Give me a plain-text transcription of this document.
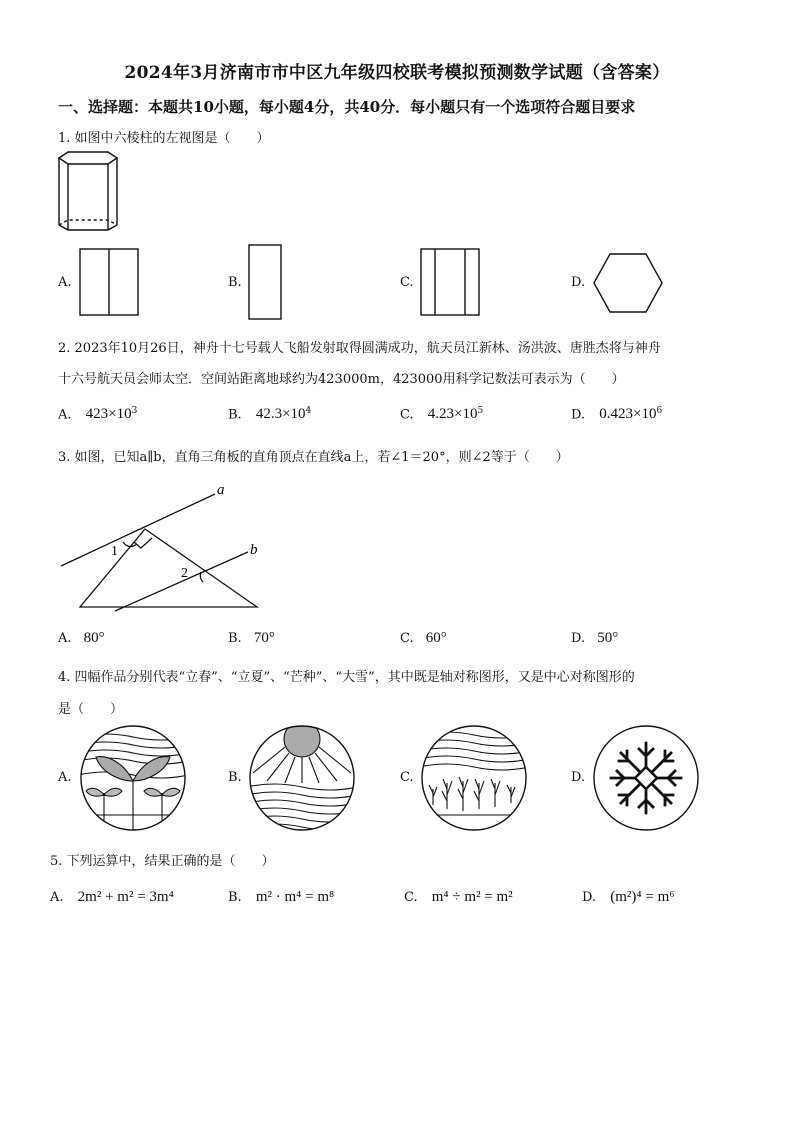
2024年3月济南市市中区九年级四校联考模拟预测数学试题（含答案）
一、选择题：本题共10小题，每小题4分，共40分．每小题只有一个选项符合题目要求
1. 如图中六棱柱的左视图是（　　）
A.	B.	C.	D.
2. 2023年10月26日，神舟十七号载人飞船发射取得圆满成功，航天员江新林、汤洪波、唐胜杰将与神舟
十六号航天员会师太空．空间站距离地球约为423000m，423000用科学记数法可表示为（　　）
A. $423\times 10^3$	B. $42.3\times 10^4$	C. $4.23\times 10^5$	D. $0.423\times 10^6$
3. 如图，已知a∥b，直角三角板的直角顶点在直线a上，若∠1＝20°，则∠2等于（　　）
a
b
1
2
A. 80°	B. 70°	C. 60°	D. 50°
4. 四幅作品分别代表“立春”、“立夏”、“芒种”、“大雪”，其中既是轴对称图形，又是中心对称图形的
是（　　）
A.	B.	C.	D.
5. 下列运算中，结果正确的是（　　）
A. 2m² + m² = 3m⁴	B. m² · m⁴ = m⁸	C. m⁴ ÷ m² = m²	D. (m²)⁴ = m⁶
